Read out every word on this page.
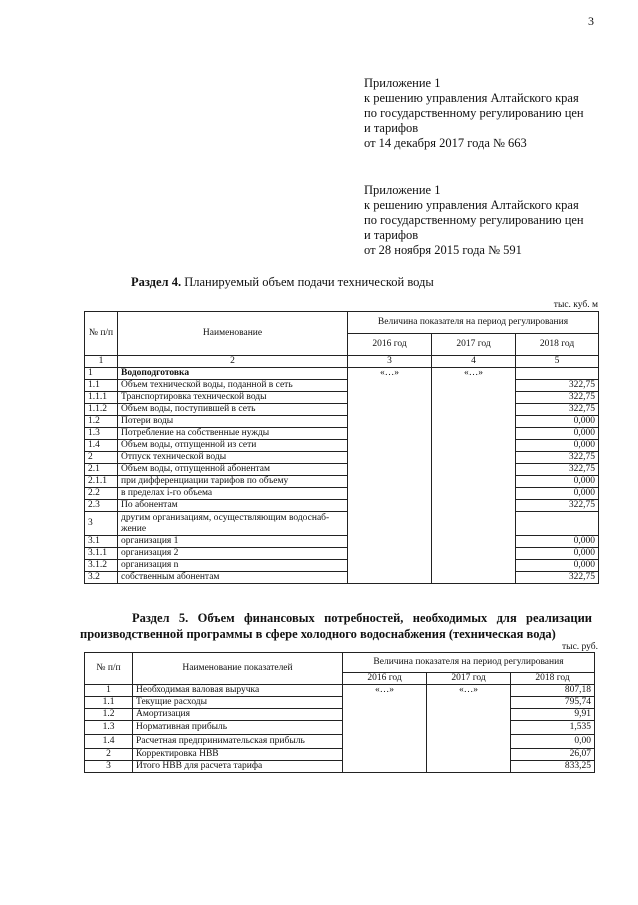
3
Приложение 1
к решению управления Алтайского края
по государственному регулированию цен
и тарифов
от 14 декабря 2017 года № 663
Приложение 1
к решению управления Алтайского края
по государственному регулированию цен
и тарифов
от 28 ноября 2015 года № 591
Раздел 4. Планируемый объем подачи технической воды
тыс. куб. м
№ п/п	Наименование	Величина показателя на период регулирования		
		2016 год	2017 год	2018 год
1	2	3	4	5
1	Водоподготовка	«…»	«…»	
1.1	Объем технической воды, поданной в сеть			322,75
1.1.1	Транспортировка технической воды			322,75
1.1.2	Объем воды, поступившей в сеть			322,75
1.2	Потери воды			0,000
1.3	Потребление на собственные нужды			0,000
1.4	Объем воды, отпущенной из сети			0,000
2	Отпуск технической воды			322,75
2.1	Объем воды, отпущенной абонентам			322,75
2.1.1	при дифференциации тарифов по объему			0,000
2.2	в пределах i-го объема			0,000
2.3	По абонентам			322,75
3	другим организациям, осуществляющим водоснаб-жение			
3.1	организация 1			0,000
3.1.1	организация 2			0,000
3.1.2	организация n			0,000
3.2	собственным абонентам			322,75
Раздел 5. Объем финансовых потребностей, необходимых для реализации производственной программы в сфере холодного водоснабжения (техническая вода)
тыс. руб.
№ п/п	Наименование показателей	Величина показателя на период регулирования		
		2016 год	2017 год	2018 год
1	Необходимая валовая выручка	«…»	«…»	807,18
1.1	Текущие расходы			795,74
1.2	Амортизация			9,91
1.3	Нормативная прибыль			1,535
1.4	Расчетная предпринимательская прибыль			0,00
2	Корректировка НВВ			26,07
3	Итого НВВ для расчета тарифа			833,25
